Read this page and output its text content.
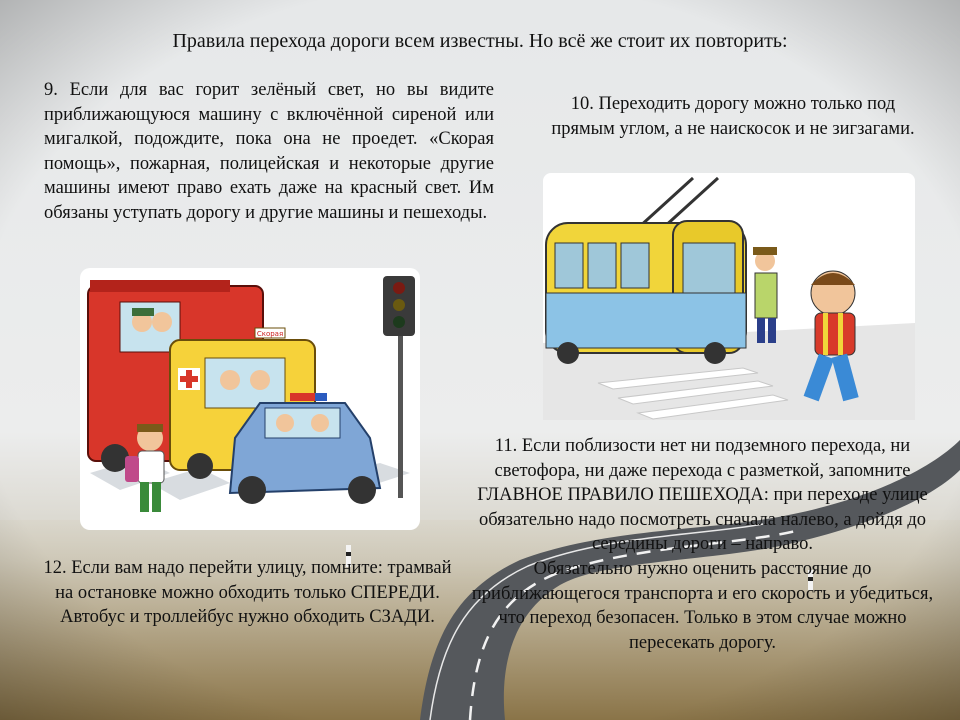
Правила перехода дороги всем известны. Но всё же стоит их повторить:

9. Если для вас горит зелёный свет, но вы видите приближающуюся машину с включённой сиреной или мигалкой, подождите, пока она не проедет. «Скорая помощь», пожарная, полицейская и некоторые другие машины имеют право ехать даже на красный свет. Им обязаны уступать дорогу и другие машины и пешеходы.

10. Переходить дорогу можно только под прямым углом, а не наискосок и не зигзагами.

11. Если поблизости нет ни подземного перехода, ни светофора, ни даже перехода с разметкой, запомните ГЛАВНОЕ ПРАВИЛО ПЕШЕХОДА: при переходе улице обязательно надо посмотреть сначала налево, а дойдя до середины дороги – направо.
Обязательно нужно оценить расстояние до приближающегося транспорта и его скорость и убедиться, что переход безопасен. Только в этом случае можно пересекать дорогу.

12. Если вам надо перейти улицу, помните: трамвай на остановке можно обходить только СПЕРЕДИ. Автобус и троллейбус нужно обходить СЗАДИ.

Скорая
